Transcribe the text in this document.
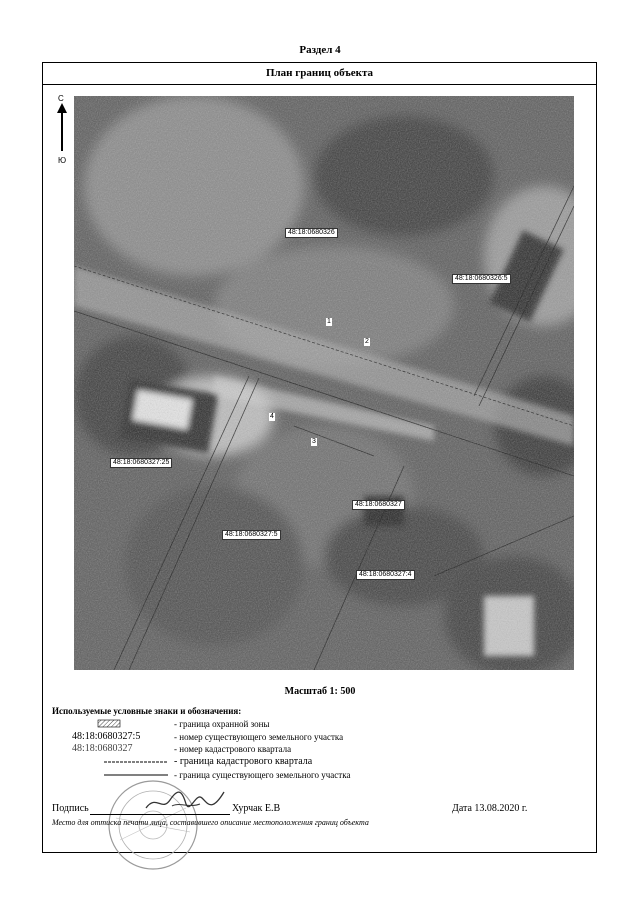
Раздел 4
План границ объекта
С
Ю
48:18:0680326
48:18:0680326:5
48:18:0680327:25
48:18:0680327
48:18:0680327:5
48:18:0680327:4
1
2
3
4
Масштаб 1: 500
Используемые условные знаки и обозначения:
- граница охранной зоны
48:18:0680327:5	- номер существующего земельного участка
48:18:0680327	- номер кадастрового квартала
- граница кадастрового квартала
- граница существующего земельного участка
Подпись	Хурчак Е.В	Дата 13.08.2020 г.
Место для оттиска печати лица, составившего описание местоположения границ объекта
